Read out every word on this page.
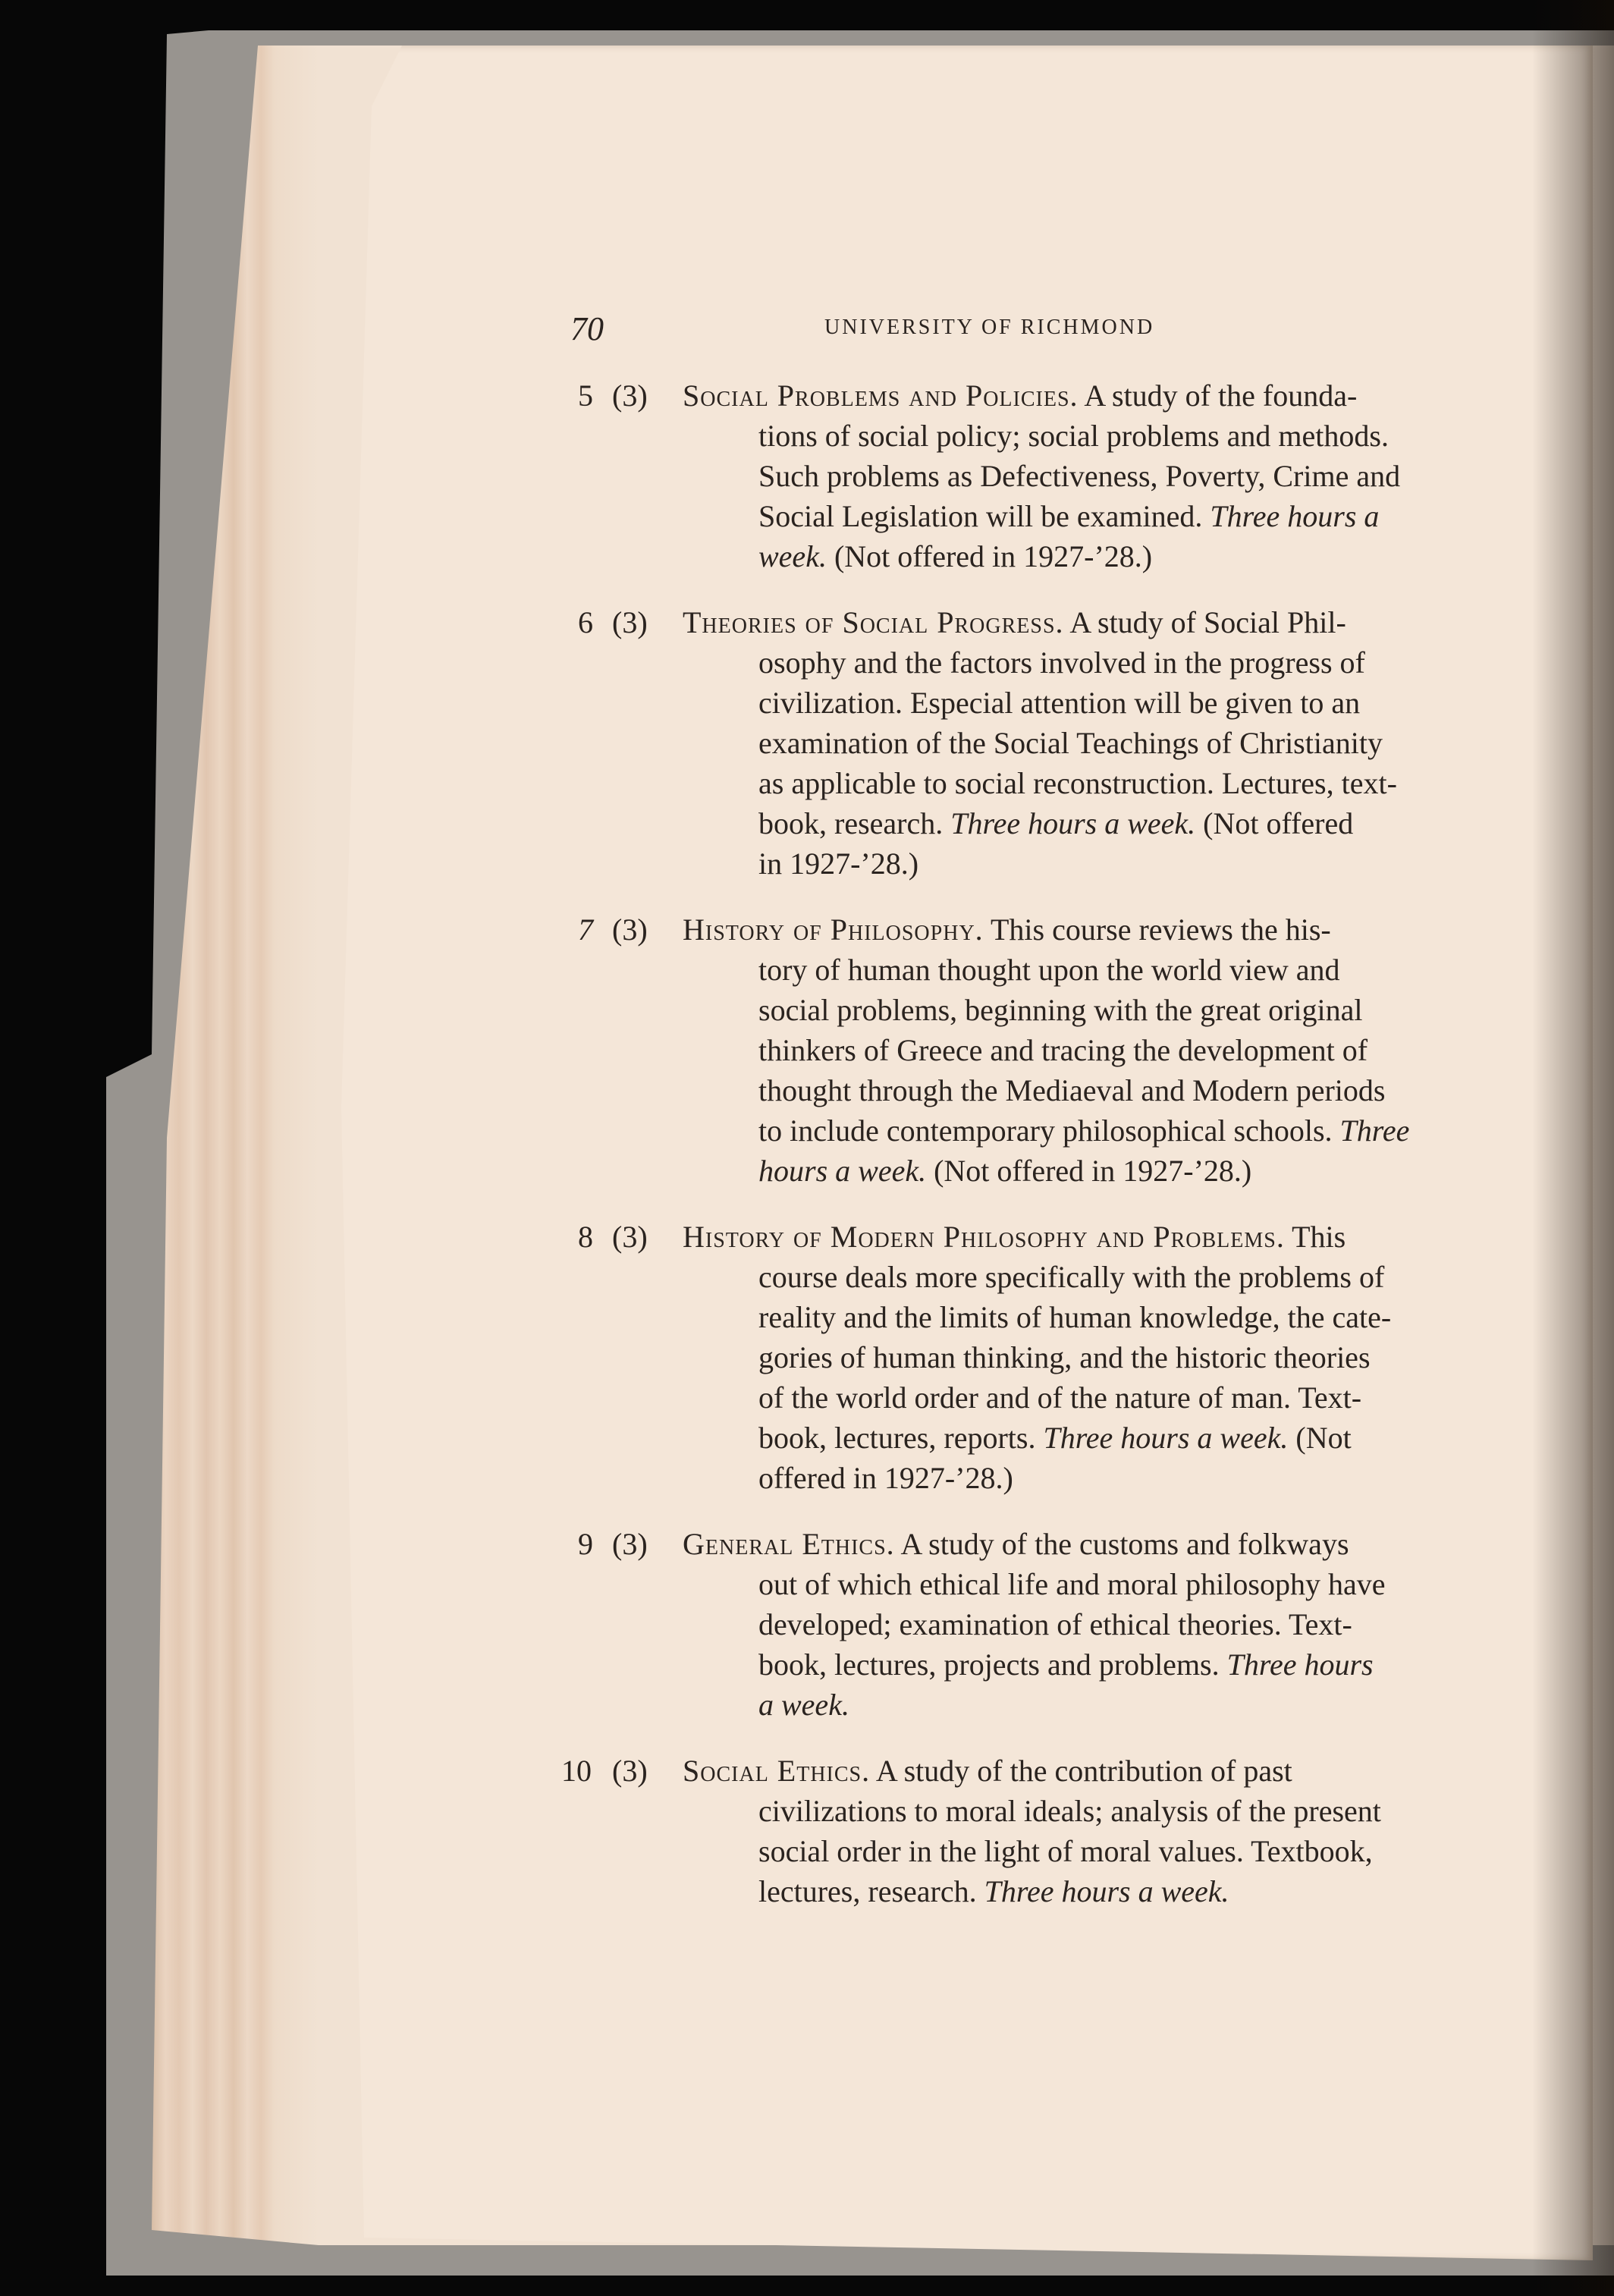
70	UNIVERSITY OF RICHMOND
5 (3) Social Problems and Policies. A study of the founda-
tions of social policy; social problems and methods.
Such problems as Defectiveness, Poverty, Crime and
Social Legislation will be examined. Three hours a
week. (Not offered in 1927-’28.)
6 (3) Theories of Social Progress. A study of Social Phil-
osophy and the factors involved in the progress of
civilization. Especial attention will be given to an
examination of the Social Teachings of Christianity
as applicable to social reconstruction. Lectures, text-
book, research. Three hours a week. (Not offered
in 1927-’28.)
7 (3) History of Philosophy. This course reviews the his-
tory of human thought upon the world view and
social problems, beginning with the great original
thinkers of Greece and tracing the development of
thought through the Mediaeval and Modern periods
to include contemporary philosophical schools. Three
hours a week. (Not offered in 1927-’28.)
8 (3) History of Modern Philosophy and Problems. This
course deals more specifically with the problems of
reality and the limits of human knowledge, the cate-
gories of human thinking, and the historic theories
of the world order and of the nature of man. Text-
book, lectures, reports. Three hours a week. (Not
offered in 1927-’28.)
9 (3) General Ethics. A study of the customs and folkways
out of which ethical life and moral philosophy have
developed; examination of ethical theories. Text-
book, lectures, projects and problems. Three hours
a week.
10 (3) Social Ethics. A study of the contribution of past
civilizations to moral ideals; analysis of the present
social order in the light of moral values. Textbook,
lectures, research. Three hours a week.
